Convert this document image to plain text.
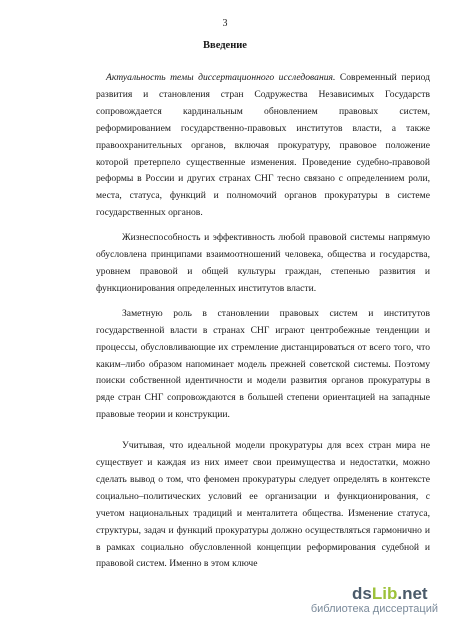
3
Введение

Актуальность темы диссертационного исследования. Современный период развития и становления стран Содружества Независимых Государств сопровождается кардинальным обновлением правовых систем, реформированием государственно-правовых институтов власти, а также правоохранительных органов, включая прокуратуру, правовое положение которой претерпело существенные изменения. Проведение судебно-правовой реформы в России и других странах СНГ тесно связано с определением роли, места, статуса, функций и полномочий органов прокуратуры в системе государственных органов.

Жизнеспособность и эффективность любой правовой системы напрямую обусловлена принципами взаимоотношений человека, общества и государства, уровнем правовой и общей культуры граждан, степенью развития и функционирования определенных институтов власти.

Заметную роль в становлении правовых систем и институтов государственной власти в странах СНГ играют центробежные тенденции и процессы, обусловливающие их стремление дистанцироваться от всего того, что каким–либо образом напоминает модель прежней советской системы. Поэтому поиски собственной идентичности и модели развития органов прокуратуры в ряде стран СНГ сопровождаются в большей степени ориентацией на западные правовые теории и конструкции.

Учитывая, что идеальной модели прокуратуры для всех стран мира не существует и каждая из них имеет свои преимущества и недостатки, можно сделать вывод о том, что феномен прокуратуры следует определять в контексте социально–политических условий ее организации и функционирования, с учетом национальных традиций и менталитета общества. Изменение статуса, структуры, задач и функций прокуратуры должно осуществляться гармонично и в рамках социально обусловленной концепции реформирования судебной и правовой систем. Именно в этом ключе

ds Lib .net
библиотека диссертаций
